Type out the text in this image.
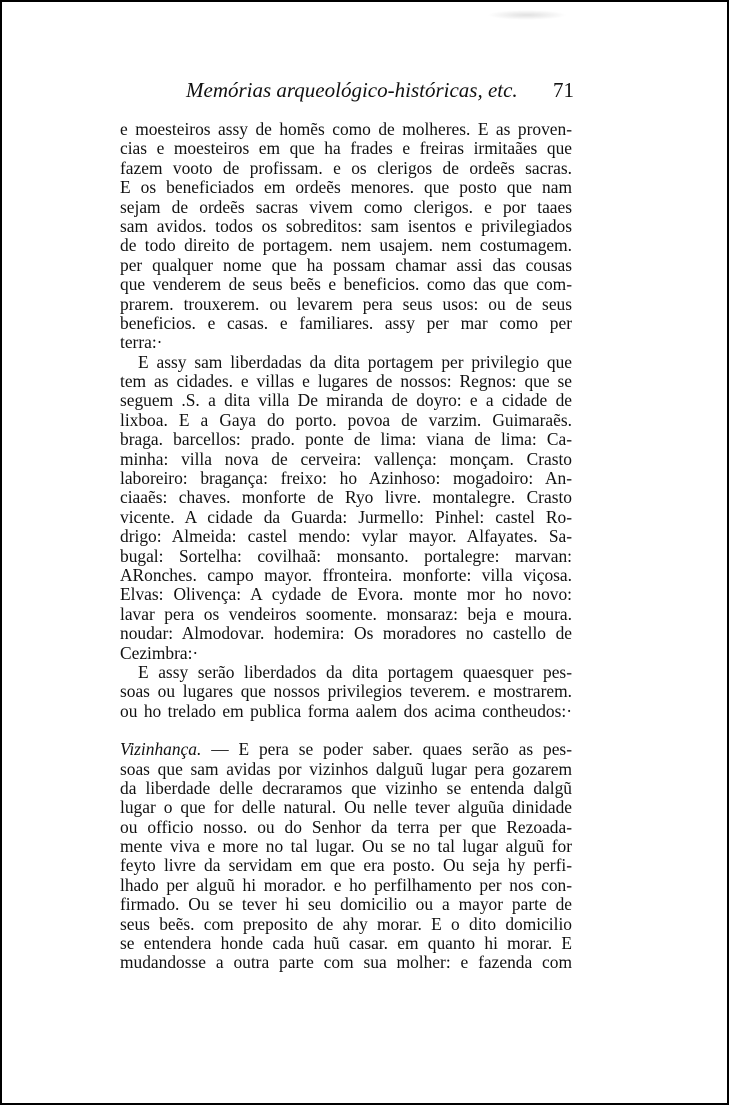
Memórias arqueológico-históricas, etc. 71
e moesteiros assy de homẽs como de molheres. E as proven-
cias e moesteiros em que ha frades e freiras irmitaães que
fazem vooto de profissam. e os clerigos de ordeẽs sacras.
E os beneficiados em ordeẽs menores. que posto que nam
sejam de ordeẽs sacras vivem como clerigos. e por taaes
sam avidos. todos os sobreditos: sam isentos e privilegiados
de todo direito de portagem. nem usajem. nem costumagem.
per qualquer nome que ha possam chamar assi das cousas
que venderem de seus beẽs e beneficios. como das que com-
prarem. trouxerem. ou levarem pera seus usos: ou de seus
beneficios. e casas. e familiares. assy per mar como per
terra:·
E assy sam liberdadas da dita portagem per privilegio que
tem as cidades. e villas e lugares de nossos: Regnos: que se
seguem .S. a dita villa De miranda de doyro: e a cidade de
lixboa. E a Gaya do porto. povoa de varzim. Guimaraẽs.
braga. barcellos: prado. ponte de lima: viana de lima: Ca-
minha: villa nova de cerveira: vallença: monçam. Crasto
laboreiro: bragança: freixo: ho Azinhoso: mogadoiro: An-
ciaaẽs: chaves. monforte de Ryo livre. montalegre. Crasto
vicente. A cidade da Guarda: Jurmello: Pinhel: castel Ro-
drigo: Almeida: castel mendo: vylar mayor. Alfayates. Sa-
bugal: Sortelha: covilhaã: monsanto. portalegre: marvan:
ARonches. campo mayor. ffronteira. monforte: villa viçosa.
Elvas: Olivença: A cydade de Evora. monte mor ho novo:
lavar pera os vendeiros soomente. monsaraz: beja e moura.
noudar: Almodovar. hodemira: Os moradores no castello de
Cezimbra:·
E assy serão liberdados da dita portagem quaesquer pes-
soas ou lugares que nossos privilegios teverem. e mostrarem.
ou ho trelado em publica forma aalem dos acima contheudos:·
Vizinhança. — E pera se poder saber. quaes serão as pes-
soas que sam avidas por vizinhos dalguũ lugar pera gozarem
da liberdade delle decraramos que vizinho se entenda dalgũ
lugar o que for delle natural. Ou nelle tever alguũa dinidade
ou officio nosso. ou do Senhor da terra per que Rezoada-
mente viva e more no tal lugar. Ou se no tal lugar alguũ for
feyto livre da servidam em que era posto. Ou seja hy perfi-
lhado per alguũ hi morador. e ho perfilhamento per nos con-
firmado. Ou se tever hi seu domicilio ou a mayor parte de
seus beẽs. com preposito de ahy morar. E o dito domicilio
se entendera honde cada huũ casar. em quanto hi morar. E
mudandosse a outra parte com sua molher: e fazenda com
